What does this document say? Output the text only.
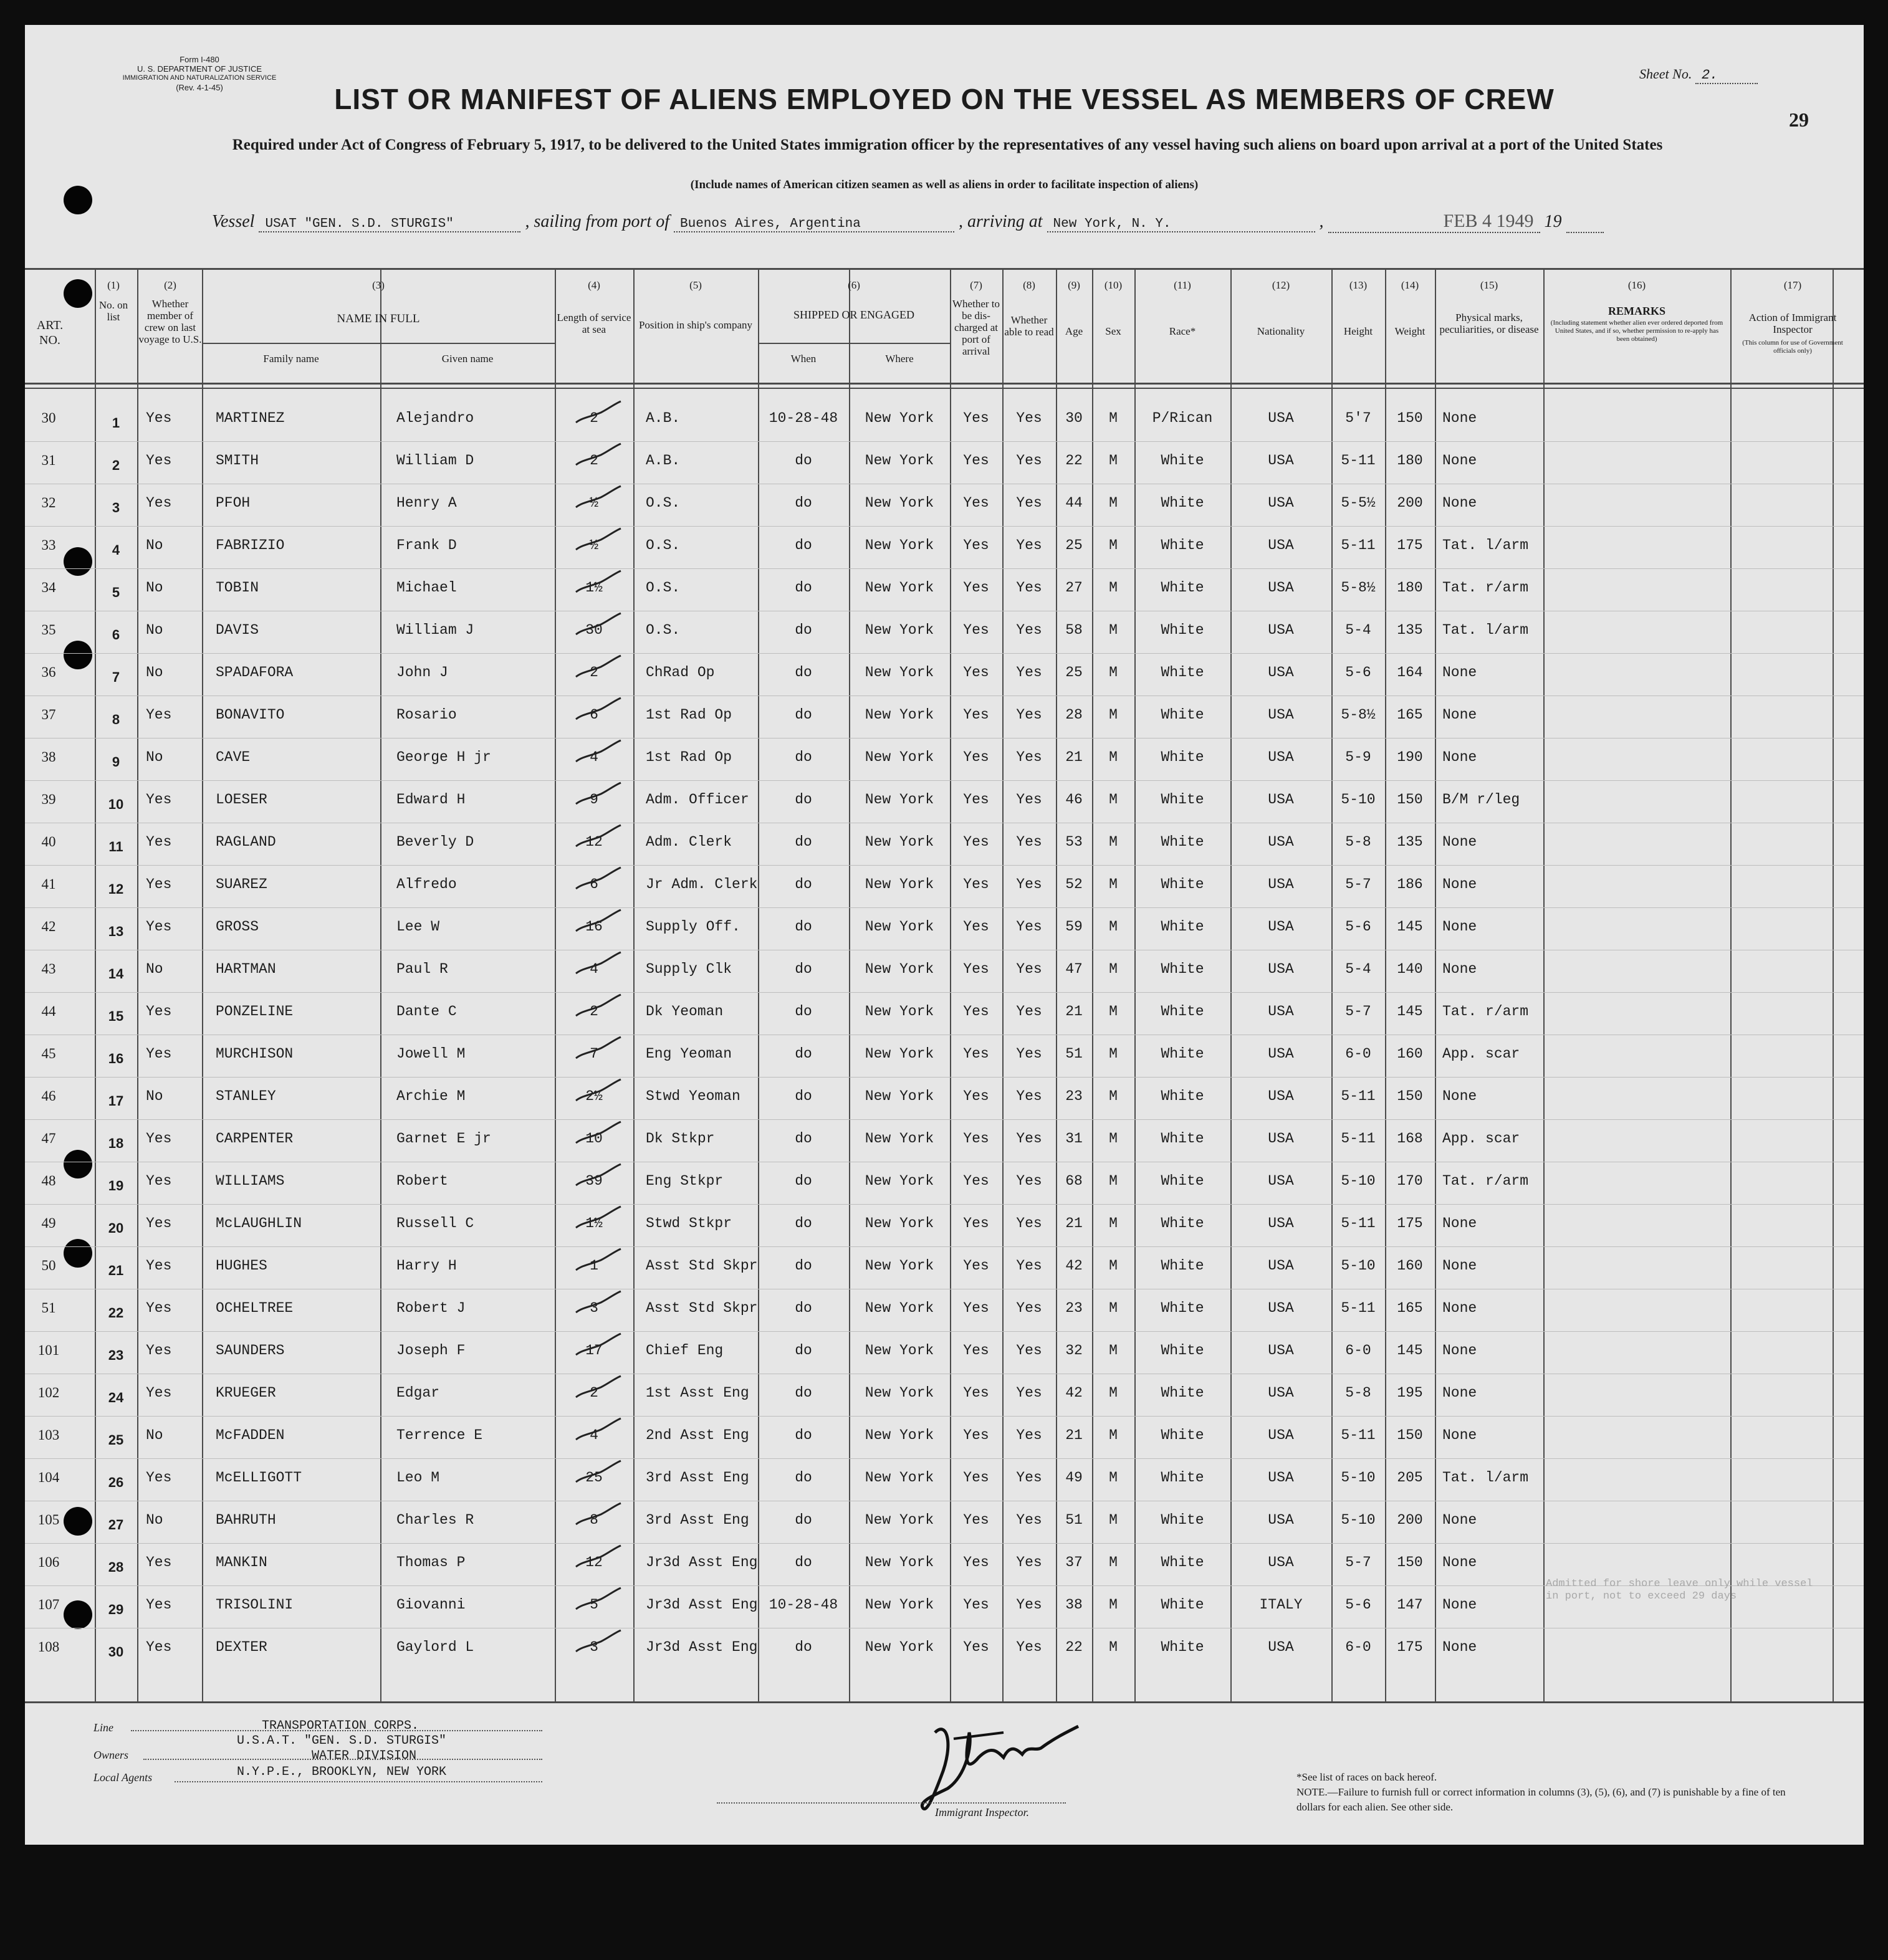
Form I-480
U. S. DEPARTMENT OF JUSTICE
IMMIGRATION AND NATURALIZATION SERVICE
(Rev. 4-1-45)
Sheet No. 2.
29
LIST OR MANIFEST OF ALIENS EMPLOYED ON THE VESSEL AS MEMBERS OF CREW
Required under Act of Congress of February 5, 1917, to be delivered to the United States immigration officer by the representatives of any vessel having such aliens on board upon arrival at a port of the United States
(Include names of American citizen seamen as well as aliens in order to facilitate inspection of aliens)
Vessel USAT "GEN. S.D. STURGIS"	, sailing from port of Buenos Aires, Argentina	, arriving at New York, N. Y.	,	FEB 4 1949 19
(1)	(2)	(3)	(4)	(5)	(6)	(7)	(8)	(9)	(10)	(11)	(12)	(13)	(14)	(15)	(16)	(17)
ART. NO.
No. on list
Whether member of crew on last voyage to U.S.
NAME IN FULL
Family name	Given name
Length of service at sea	Position in ship's company
SHIPPED OR ENGAGED
When	Where
Whether to be dis-charged at port of arrival
Whether able to read	Age	Sex	Race*	Nationality	Height	Weight
Physical marks, peculiarities, or disease
REMARKS
(Including statement whether alien ever ordered deported from United States, and if so, whether permission to re-apply has been obtained)
Action of Immigrant Inspector
(This column for use of Government officials only)
30	1	Yes	MARTINEZ	Alejandro	2	A.B.	10-28-48	New York	Yes	Yes	30	M	P/Rican	USA	5'7	150	None
31	2	Yes	SMITH	William D	2	A.B.	do	New York	Yes	Yes	22	M	White	USA	5-11	180	None
32	3	Yes	PFOH	Henry A	½	O.S.	do	New York	Yes	Yes	44	M	White	USA	5-5½	200	None
33	4	No	FABRIZIO	Frank D	½	O.S.	do	New York	Yes	Yes	25	M	White	USA	5-11	175	Tat. l/arm
34	5	No	TOBIN	Michael	1½	O.S.	do	New York	Yes	Yes	27	M	White	USA	5-8½	180	Tat. r/arm
35	6	No	DAVIS	William J	30	O.S.	do	New York	Yes	Yes	58	M	White	USA	5-4	135	Tat. l/arm
36	7	No	SPADAFORA	John J	2	ChRad Op	do	New York	Yes	Yes	25	M	White	USA	5-6	164	None
37	8	Yes	BONAVITO	Rosario	6	1st Rad Op	do	New York	Yes	Yes	28	M	White	USA	5-8½	165	None
38	9	No	CAVE	George H jr	4	1st Rad Op	do	New York	Yes	Yes	21	M	White	USA	5-9	190	None
39	10	Yes	LOESER	Edward H	9	Adm. Officer	do	New York	Yes	Yes	46	M	White	USA	5-10	150	B/M r/leg
40	11	Yes	RAGLAND	Beverly D	12	Adm. Clerk	do	New York	Yes	Yes	53	M	White	USA	5-8	135	None
41	12	Yes	SUAREZ	Alfredo	6	Jr Adm. Clerk	do	New York	Yes	Yes	52	M	White	USA	5-7	186	None
42	13	Yes	GROSS	Lee W	16	Supply Off.	do	New York	Yes	Yes	59	M	White	USA	5-6	145	None
43	14	No	HARTMAN	Paul R	4	Supply Clk	do	New York	Yes	Yes	47	M	White	USA	5-4	140	None
44	15	Yes	PONZELINE	Dante C	2	Dk Yeoman	do	New York	Yes	Yes	21	M	White	USA	5-7	145	Tat. r/arm
45	16	Yes	MURCHISON	Jowell M	7	Eng Yeoman	do	New York	Yes	Yes	51	M	White	USA	6-0	160	App. scar
46	17	No	STANLEY	Archie M	2½	Stwd Yeoman	do	New York	Yes	Yes	23	M	White	USA	5-11	150	None
47	18	Yes	CARPENTER	Garnet E jr	10	Dk Stkpr	do	New York	Yes	Yes	31	M	White	USA	5-11	168	App. scar
48	19	Yes	WILLIAMS	Robert	39	Eng Stkpr	do	New York	Yes	Yes	68	M	White	USA	5-10	170	Tat. r/arm
49	20	Yes	McLAUGHLIN	Russell C	1½	Stwd Stkpr	do	New York	Yes	Yes	21	M	White	USA	5-11	175	None
50	21	Yes	HUGHES	Harry H	1	Asst Std Skpr	do	New York	Yes	Yes	42	M	White	USA	5-10	160	None
51	22	Yes	OCHELTREE	Robert J	3	Asst Std Skpr	do	New York	Yes	Yes	23	M	White	USA	5-11	165	None
101	23	Yes	SAUNDERS	Joseph F	17	Chief Eng	do	New York	Yes	Yes	32	M	White	USA	6-0	145	None
102	24	Yes	KRUEGER	Edgar	2	1st Asst Eng	do	New York	Yes	Yes	42	M	White	USA	5-8	195	None
103	25	No	McFADDEN	Terrence E	4	2nd Asst Eng	do	New York	Yes	Yes	21	M	White	USA	5-11	150	None
104	26	Yes	McELLIGOTT	Leo M	25	3rd Asst Eng	do	New York	Yes	Yes	49	M	White	USA	5-10	205	Tat. l/arm
105	27	No	BAHRUTH	Charles R	8	3rd Asst Eng	do	New York	Yes	Yes	51	M	White	USA	5-10	200	None
106	28	Yes	MANKIN	Thomas P	12	Jr3d Asst Eng	do	New York	Yes	Yes	37	M	White	USA	5-7	150	None
107	29	Yes	TRISOLINI	Giovanni	5	Jr3d Asst Eng 10-28-48	New York	Yes	Yes	38	M	White	ITALY	5-6	147	None
108	30	Yes	DEXTER	Gaylord L	3	Jr3d Asst Eng	do	New York	Yes	Yes	22	M	White	USA	6-0	175	None
Admitted for shore leave only while vessel in port, not to exceed 29 days
Line	TRANSPORTATION CORPS.
Owners
U.S.A.T. "GEN. S.D. STURGIS"
WATER DIVISION
Local Agents	N.Y.P.E., BROOKLYN, NEW YORK
Immigrant Inspector.
*See list of races on back hereof.
NOTE.—Failure to furnish full or correct information in columns (3), (5), (6), and (7) is punishable by a fine of ten dollars for each alien. See other side.
